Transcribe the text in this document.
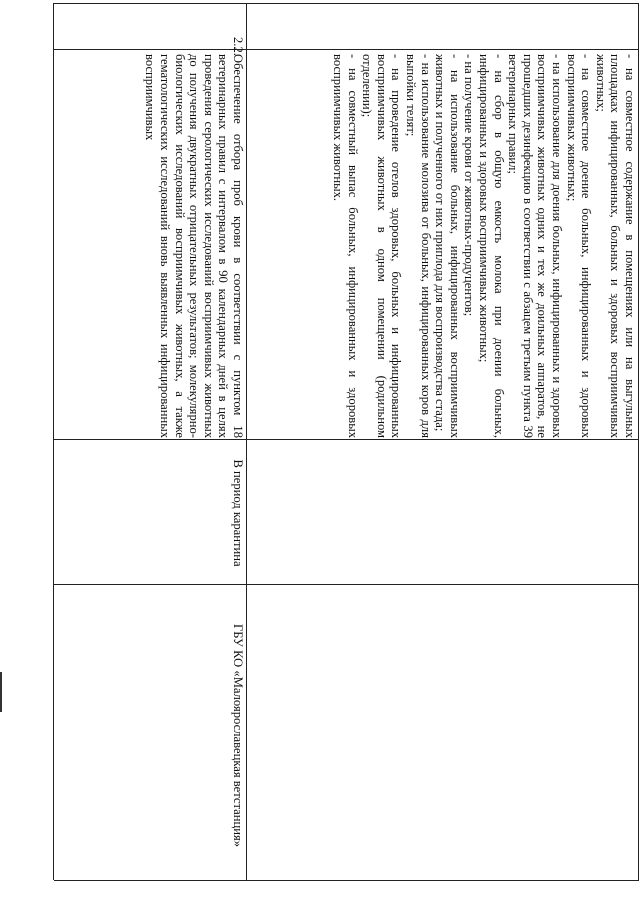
- на совместное содержание в помещениях или на выгульных площадках инфицированных, больных и здоровых восприимчивых животных;

- на совместное доение больных, инфицированных и здоровых восприимчивых животных;

- на использование для доения больных, инфицированных и здоровых восприимчивых животных одних и тех же доильных аппаратов, не прошедших дезинфекцию в соответствии с абзацем третьим пункта 39 ветеринарных правил;

- на сбор в общую емкость молока при доении больных, инфицированных и здоровых восприимчивых животных;

- на получение крови от животных-продуцентов;

- на использование больных, инфицированных восприимчивых животных и полученного от них приплода для воспроизводства стада;

- на использование молозива от больных, инфицированных коров для выпойки телят;

- на проведение отелов здоровых, больных и инфицированных восприимчивых животных в одном помещении (родильном отделении);

- на совместный выпас больных, инфицированных и здоровых восприимчивых животных.

2.2.

Обеспечение отбора проб крови в соответствии с пунктом 18 ветеринарных правил с интервалом в 90 календарных дней в целях проведения серологических исследований восприимчивых животных до получения двукратных отрицательных результатов; молекулярно-биологических исследований восприимчивых животных, а также гематологических исследований вновь выявленных инфицированных восприимчивых

В период карантина
ГБУ КО «Малоярославецкая ветстанция»
